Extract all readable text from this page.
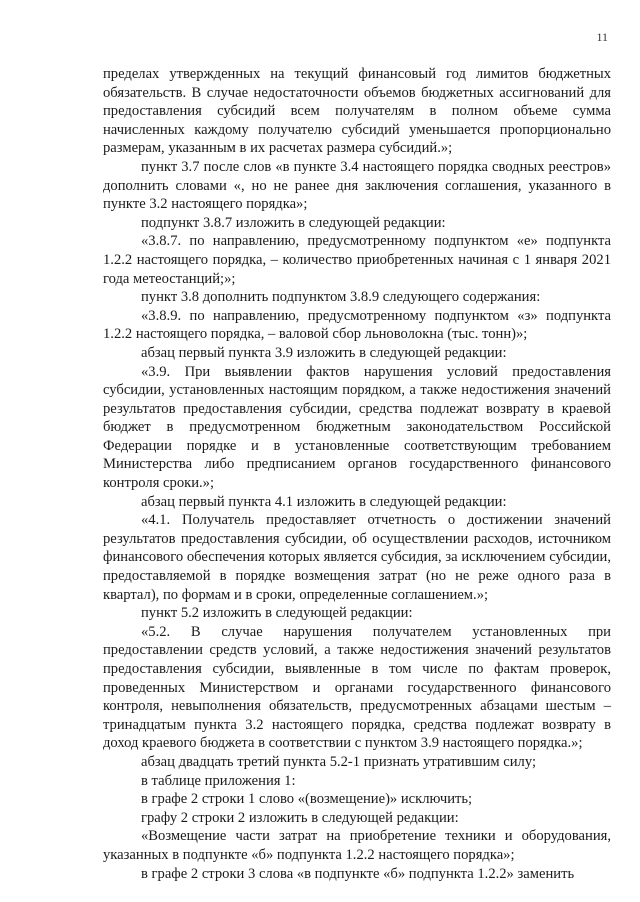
11

пределах утвержденных на текущий финансовый год лимитов бюджетных обязательств. В случае недостаточности объемов бюджетных ассигнований для предоставления субсидий всем получателям в полном объеме сумма начисленных каждому получателю субсидий уменьшается пропорционально размерам, указанным в их расчетах размера субсидий.»;

пункт 3.7 после слов «в пункте 3.4 настоящего порядка сводных реестров» дополнить словами «, но не ранее дня заключения соглашения, указанного в пункте 3.2 настоящего порядка»;

подпункт 3.8.7 изложить в следующей редакции:

«3.8.7. по направлению, предусмотренному подпунктом «е» подпункта 1.2.2 настоящего порядка, – количество приобретенных начиная с 1 января 2021 года метеостанций;»;

пункт 3.8 дополнить подпунктом 3.8.9 следующего содержания:

«3.8.9. по направлению, предусмотренному подпунктом «з» подпункта 1.2.2 настоящего порядка, – валовой сбор льноволокна (тыс. тонн)»;

абзац первый пункта 3.9 изложить в следующей редакции:

«3.9. При выявлении фактов нарушения условий предоставления субсидии, установленных настоящим порядком, а также недостижения значений результатов предоставления субсидии, средства подлежат возврату в краевой бюджет в предусмотренном бюджетным законодательством Российской Федерации порядке и в установленные соответствующим требованием Министерства либо предписанием органов государственного финансового контроля сроки.»;

абзац первый пункта 4.1 изложить в следующей редакции:

«4.1. Получатель предоставляет отчетность о достижении значений результатов предоставления субсидии, об осуществлении расходов, источником финансового обеспечения которых является субсидия, за исключением субсидии, предоставляемой в порядке возмещения затрат (но не реже одного раза в квартал), по формам и в сроки, определенные соглашением.»;

пункт 5.2 изложить в следующей редакции:

«5.2. В случае нарушения получателем установленных при предоставлении средств условий, а также недостижения значений результатов предоставления субсидии, выявленные в том числе по фактам проверок, проведенных Министерством и органами государственного финансового контроля, невыполнения обязательств, предусмотренных абзацами шестым – тринадцатым пункта 3.2 настоящего порядка, средства подлежат возврату в доход краевого бюджета в соответствии с пунктом 3.9 настоящего порядка.»;

абзац двадцать третий пункта 5.2-1 признать утратившим силу;

в таблице приложения 1:

в графе 2 строки 1 слово «(возмещение)» исключить;

графу 2 строки 2 изложить в следующей редакции:

«Возмещение части затрат на приобретение техники и оборудования, указанных в подпункте «б» подпункта 1.2.2 настоящего порядка»;

в графе 2 строки 3 слова «в подпункте «б» подпункта 1.2.2» заменить
